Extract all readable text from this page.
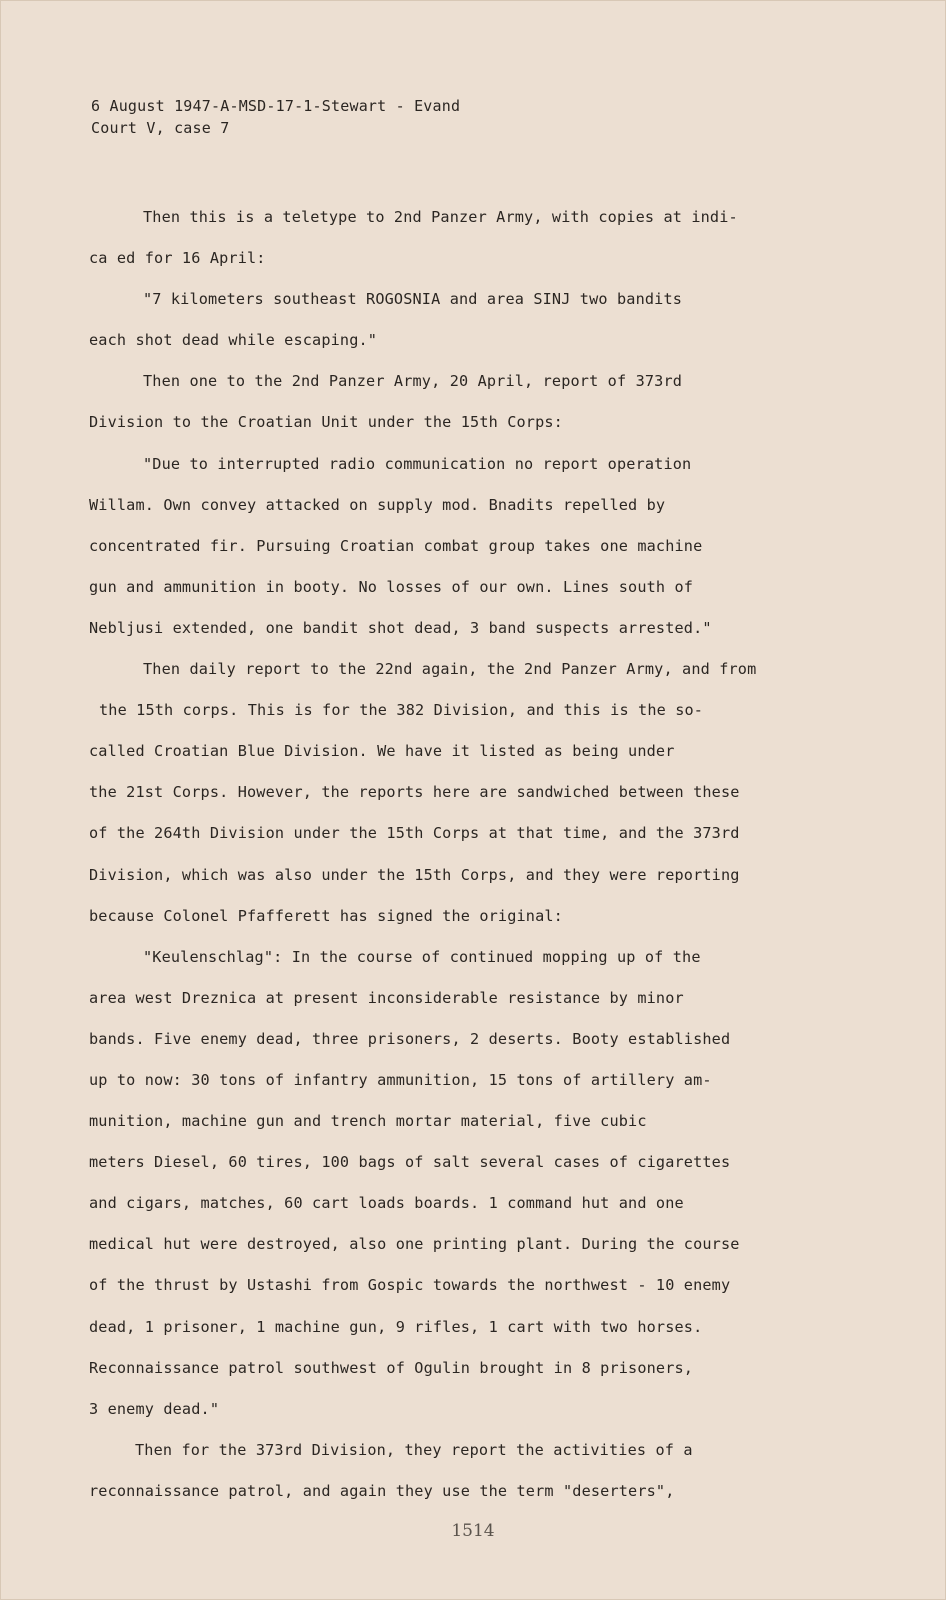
6 August 1947-A-MSD-17-1-Stewart - Evand
Court V, case 7
Then this is a teletype to 2nd Panzer Army, with copies at indi-
ca ed for 16 April:
"7 kilometers southeast ROGOSNIA and area SINJ two bandits
each shot dead while escaping."
Then one to the 2nd Panzer Army, 20 April, report of 373rd
Division to the Croatian Unit under the 15th Corps:
"Due to interrupted radio communication no report operation
Willam. Own convey attacked on supply mod. Bnadits repelled by
concentrated fir. Pursuing Croatian combat group takes one machine
gun and ammunition in booty. No losses of our own. Lines south of
Nebljusi extended, one bandit shot dead, 3 band suspects arrested."
Then daily report to the 22nd again, the 2nd Panzer Army, and from
the 15th corps. This is for the 382 Division, and this is the so-
called Croatian Blue Division. We have it listed as being under
the 21st Corps. However, the reports here are sandwiched between these
of the 264th Division under the 15th Corps at that time, and the 373rd
Division, which was also under the 15th Corps, and they were reporting
because Colonel Pfafferett has signed the original:
"Keulenschlag": In the course of continued mopping up of the
area west Dreznica at present inconsiderable resistance by minor
bands. Five enemy dead, three prisoners, 2 deserts. Booty established
up to now: 30 tons of infantry ammunition, 15 tons of artillery am-
munition, machine gun and trench mortar material, five cubic
meters Diesel, 60 tires, 100 bags of salt several cases of cigarettes
and cigars, matches, 60 cart loads boards. 1 command hut and one
medical hut were destroyed, also one printing plant. During the course
of the thrust by Ustashi from Gospic towards the northwest - 10 enemy
dead, 1 prisoner, 1 machine gun, 9 rifles, 1 cart with two horses.
Reconnaissance patrol southwest of Ogulin brought in 8 prisoners,
3 enemy dead."
Then for the 373rd Division, they report the activities of a
reconnaissance patrol, and again they use the term "deserters",
1514
